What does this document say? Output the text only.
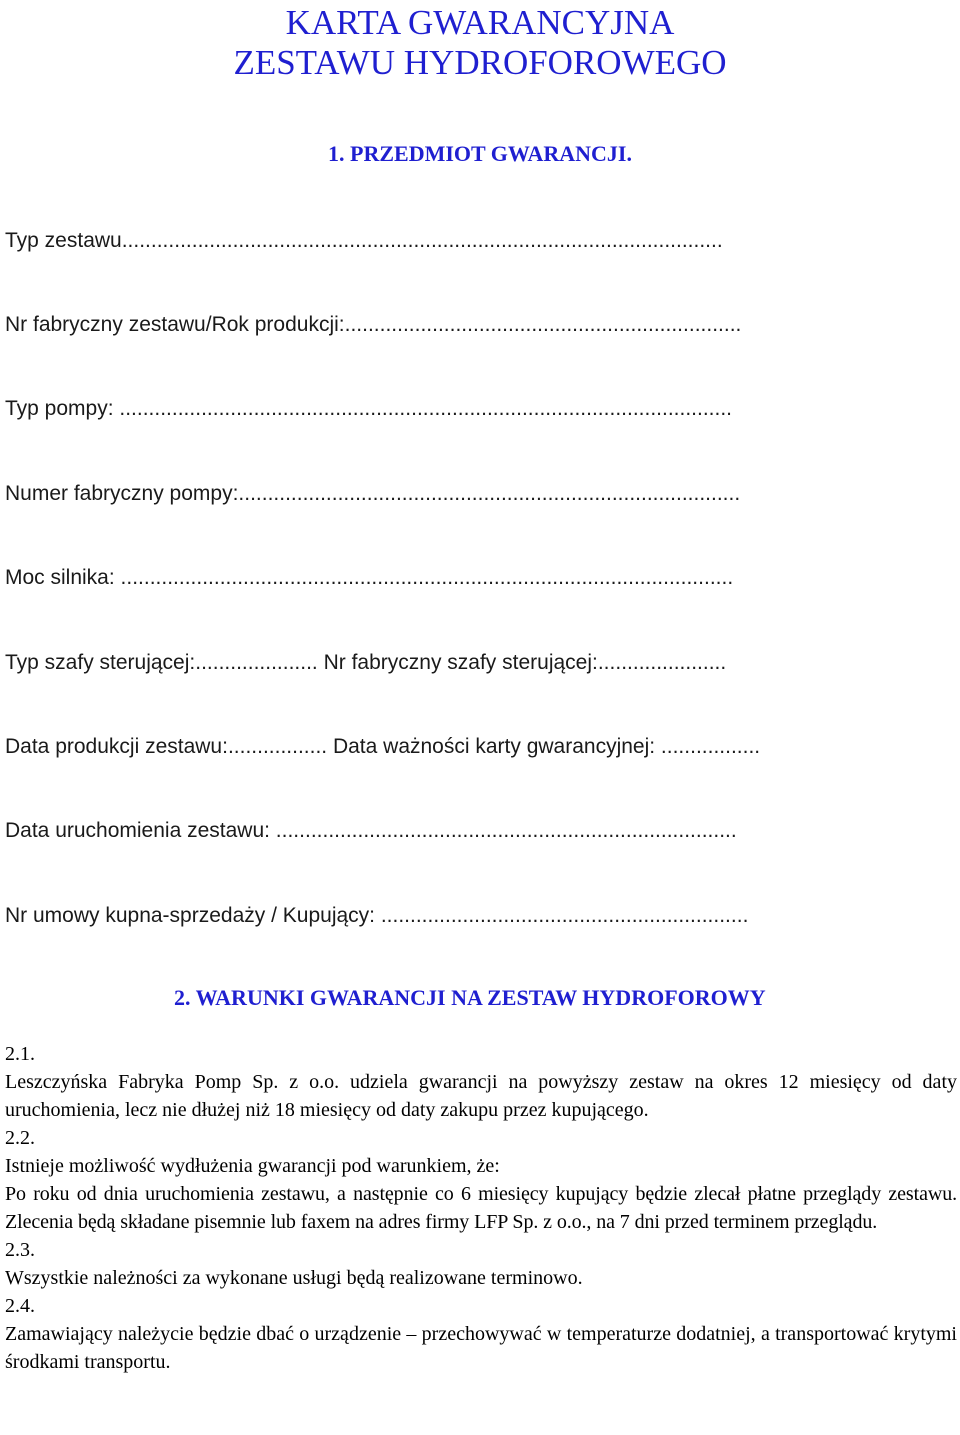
KARTA GWARANCYJNA
ZESTAWU HYDROFOROWEGO
1. PRZEDMIOT GWARANCJI.
Typ zestawu.......................................................................................................
Nr fabryczny zestawu/Rok produkcji:....................................................................
Typ pompy: .........................................................................................................
Numer fabryczny pompy:......................................................................................
Moc silnika: .........................................................................................................
Typ szafy sterującej:..................... Nr fabryczny szafy sterującej:......................
Data produkcji zestawu:................. Data ważności karty gwarancyjnej: .................
Data uruchomienia zestawu: ...............................................................................
Nr umowy kupna-sprzedaży / Kupujący: ...............................................................
2. WARUNKI GWARANCJI NA ZESTAW HYDROFOROWY
2.1.
Leszczyńska Fabryka Pomp Sp. z o.o. udziela gwarancji na powyższy zestaw na okres 12 miesięcy od daty uruchomienia, lecz nie dłużej niż 18 miesięcy od daty zakupu przez kupującego.
2.2.
Istnieje możliwość wydłużenia gwarancji pod warunkiem, że:
Po roku od dnia uruchomienia zestawu, a następnie co 6 miesięcy kupujący będzie zlecał płatne przeglądy zestawu. Zlecenia będą składane pisemnie lub faxem na adres firmy LFP Sp. z o.o., na 7 dni przed terminem przeglądu.
2.3.
Wszystkie należności za wykonane usługi będą realizowane terminowo.
2.4.
Zamawiający należycie będzie dbać o urządzenie – przechowywać w temperaturze dodatniej, a transportować krytymi środkami transportu.
